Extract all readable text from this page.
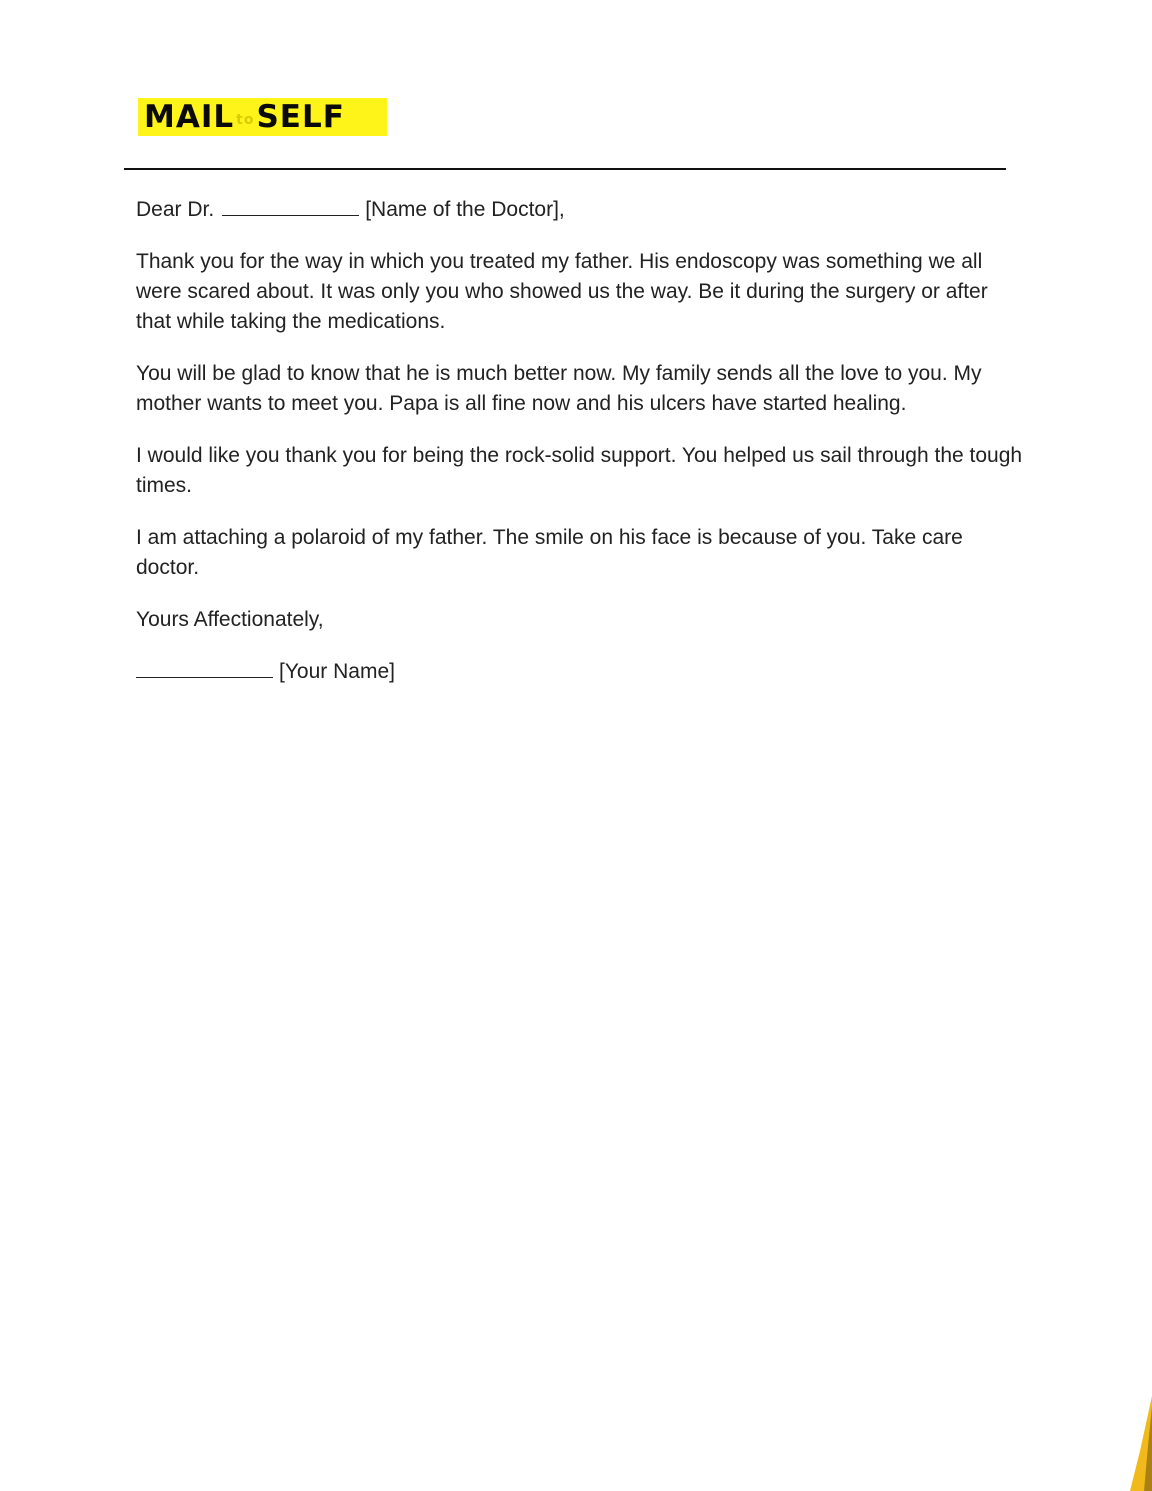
MAIL to SELF

Dear Dr.	[Name of the Doctor],

Thank you for the way in which you treated my father. His endoscopy was something we all were scared about. It was only you who showed us the way. Be it during the surgery or after that while taking the medications.

You will be glad to know that he is much better now. My family sends all the love to you. My mother wants to meet you. Papa is all fine now and his ulcers have started healing.

I would like you thank you for being the rock-solid support. You helped us sail through the tough times.

I am attaching a polaroid of my father. The smile on his face is because of you. Take care doctor.

Yours Affectionately,

[Your Name]
